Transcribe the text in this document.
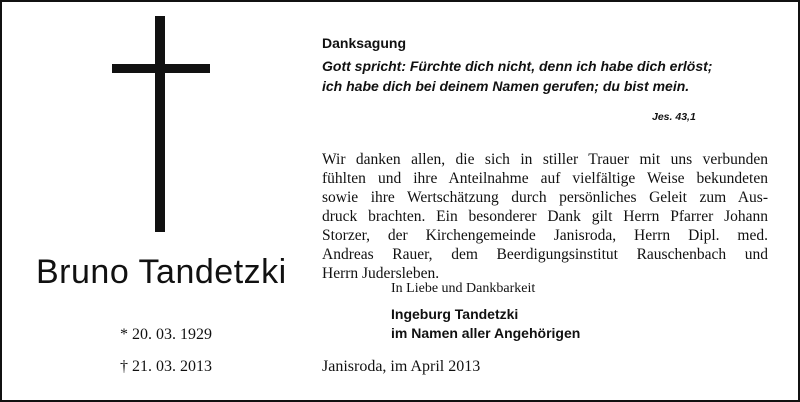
Bruno Tandetzki
* 20. 03. 1929
† 21. 03. 2013
Danksagung
Gott spricht: Fürchte dich nicht, denn ich habe dich erlöst;
ich habe dich bei deinem Namen gerufen; du bist mein.
Jes. 43,1
Wir danken allen, die sich in stiller Trauer mit uns verbunden
fühlten und ihre Anteilnahme auf vielfältige Weise bekundeten
sowie ihre Wertschätzung durch persönliches Geleit zum Aus-
druck brachten. Ein besonderer Dank gilt Herrn Pfarrer Johann
Storzer, der Kirchengemeinde Janisroda, Herrn Dipl. med.
Andreas Rauer, dem Beerdigungsinstitut Rauschenbach und
Herrn Judersleben.
In Liebe und Dankbarkeit
Ingeburg Tandetzki
im Namen aller Angehörigen
Janisroda, im April 2013
